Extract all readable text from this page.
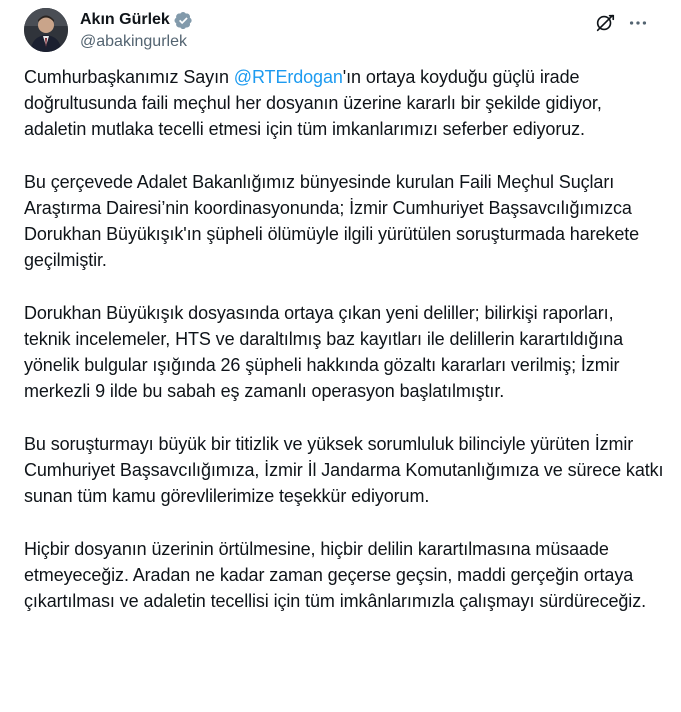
Akın Gürlek
@abakingurlek

Cumhurbaşkanımız Sayın @RTErdogan'ın ortaya koyduğu güçlü irade doğrultusunda faili meçhul her dosyanın üzerine kararlı bir şekilde gidiyor, adaletin mutlaka tecelli etmesi için tüm imkanlarımızı seferber ediyoruz.

Bu çerçevede Adalet Bakanlığımız bünyesinde kurulan Faili Meçhul Suçları Araştırma Dairesi’nin koordinasyonunda; İzmir Cumhuriyet Başsavcılığımızca Dorukhan Büyükışık'ın şüpheli ölümüyle ilgili yürütülen soruşturmada harekete geçilmiştir.

Dorukhan Büyükışık dosyasında ortaya çıkan yeni deliller; bilirkişi raporları, teknik incelemeler, HTS ve daraltılmış baz kayıtları ile delillerin karartıldığına yönelik bulgular ışığında 26 şüpheli hakkında gözaltı kararları verilmiş; İzmir merkezli 9 ilde bu sabah eş zamanlı operasyon başlatılmıştır.

Bu soruşturmayı büyük bir titizlik ve yüksek sorumluluk bilinciyle yürüten İzmir Cumhuriyet Başsavcılığımıza, İzmir İl Jandarma Komutanlığımıza ve sürece katkı sunan tüm kamu görevlilerimize teşekkür ediyorum.

Hiçbir dosyanın üzerinin örtülmesine, hiçbir delilin karartılmasına müsaade etmeyeceğiz. Aradan ne kadar zaman geçerse geçsin, maddi gerçeğin ortaya çıkartılması ve adaletin tecellisi için tüm imkânlarımızla çalışmayı sürdüreceğiz.
